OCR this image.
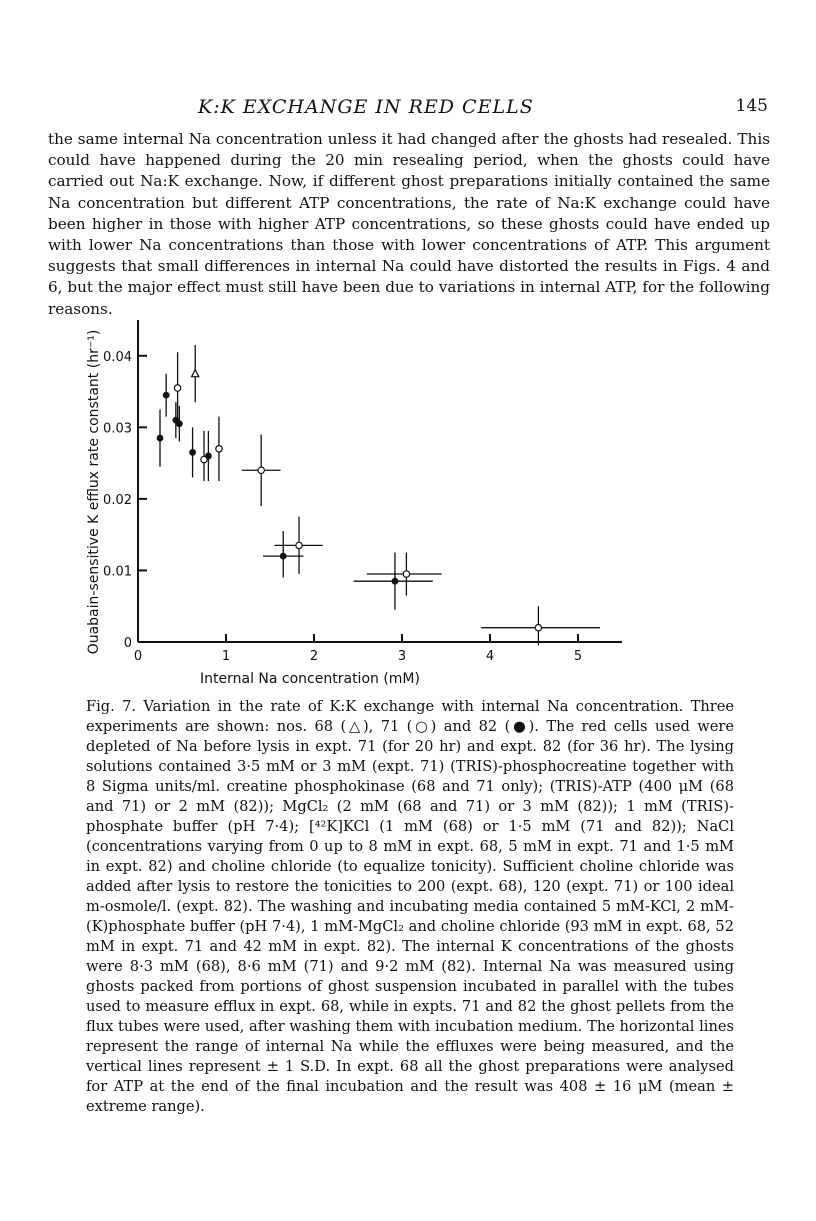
K:K EXCHANGE IN RED CELLS	145

the same internal Na concentration unless it had changed after the ghosts had resealed. This could have happened during the 20 min resealing period, when the ghosts could have carried out Na:K exchange. Now, if different ghost preparations initially contained the same Na concentration but different ATP concentrations, the rate of Na:K exchange could have been higher in those with higher ATP concentrations, so these ghosts could have ended up with lower Na concentrations than those with lower concentrations of ATP. This argument suggests that small differences in internal Na could have distorted the results in Figs. 4 and 6, but the major effect must still have been due to variations in internal ATP, for the following reasons.

0	1	2	3	4	5
0
0.01
0.02
0.03
0.04
Internal Na concentration (mM)
Ouabain-sensitive K efflux rate constant (hr⁻¹)

Fig. 7. Variation in the rate of K:K exchange with internal Na concentration. Three experiments are shown: nos. 68 (△), 71 (○) and 82 (●). The red cells used were depleted of Na before lysis in expt. 71 (for 20 hr) and expt. 82 (for 36 hr). The lysing solutions contained 3·5 mM or 3 mM (expt. 71) (TRIS)-phosphocreatine together with 8 Sigma units/ml. creatine phosphokinase (68 and 71 only); (TRIS)-ATP (400 μM (68 and 71) or 2 mM (82)); MgCl₂ (2 mM (68 and 71) or 3 mM (82)); 1 mM (TRIS)-phosphate buffer (pH 7·4); [⁴²K]KCl (1 mM (68) or 1·5 mM (71 and 82)); NaCl (concentrations varying from 0 up to 8 mM in expt. 68, 5 mM in expt. 71 and 1·5 mM in expt. 82) and choline chloride (to equalize tonicity). Sufficient choline chloride was added after lysis to restore the tonicities to 200 (expt. 68), 120 (expt. 71) or 100 ideal m-osmole/l. (expt. 82). The washing and incubating media contained 5 mM-KCl, 2 mM-(K)phosphate buffer (pH 7·4), 1 mM-MgCl₂ and choline chloride (93 mM in expt. 68, 52 mM in expt. 71 and 42 mM in expt. 82). The internal K concentrations of the ghosts were 8·3 mM (68), 8·6 mM (71) and 9·2 mM (82). Internal Na was measured using ghosts packed from portions of ghost suspension incubated in parallel with the tubes used to measure efflux in expt. 68, while in expts. 71 and 82 the ghost pellets from the flux tubes were used, after washing them with incubation medium. The horizontal lines represent the range of internal Na while the effluxes were being measured, and the vertical lines represent ± 1 S.D. In expt. 68 all the ghost preparations were analysed for ATP at the end of the final incubation and the result was 408 ± 16 μM (mean ± extreme range).
